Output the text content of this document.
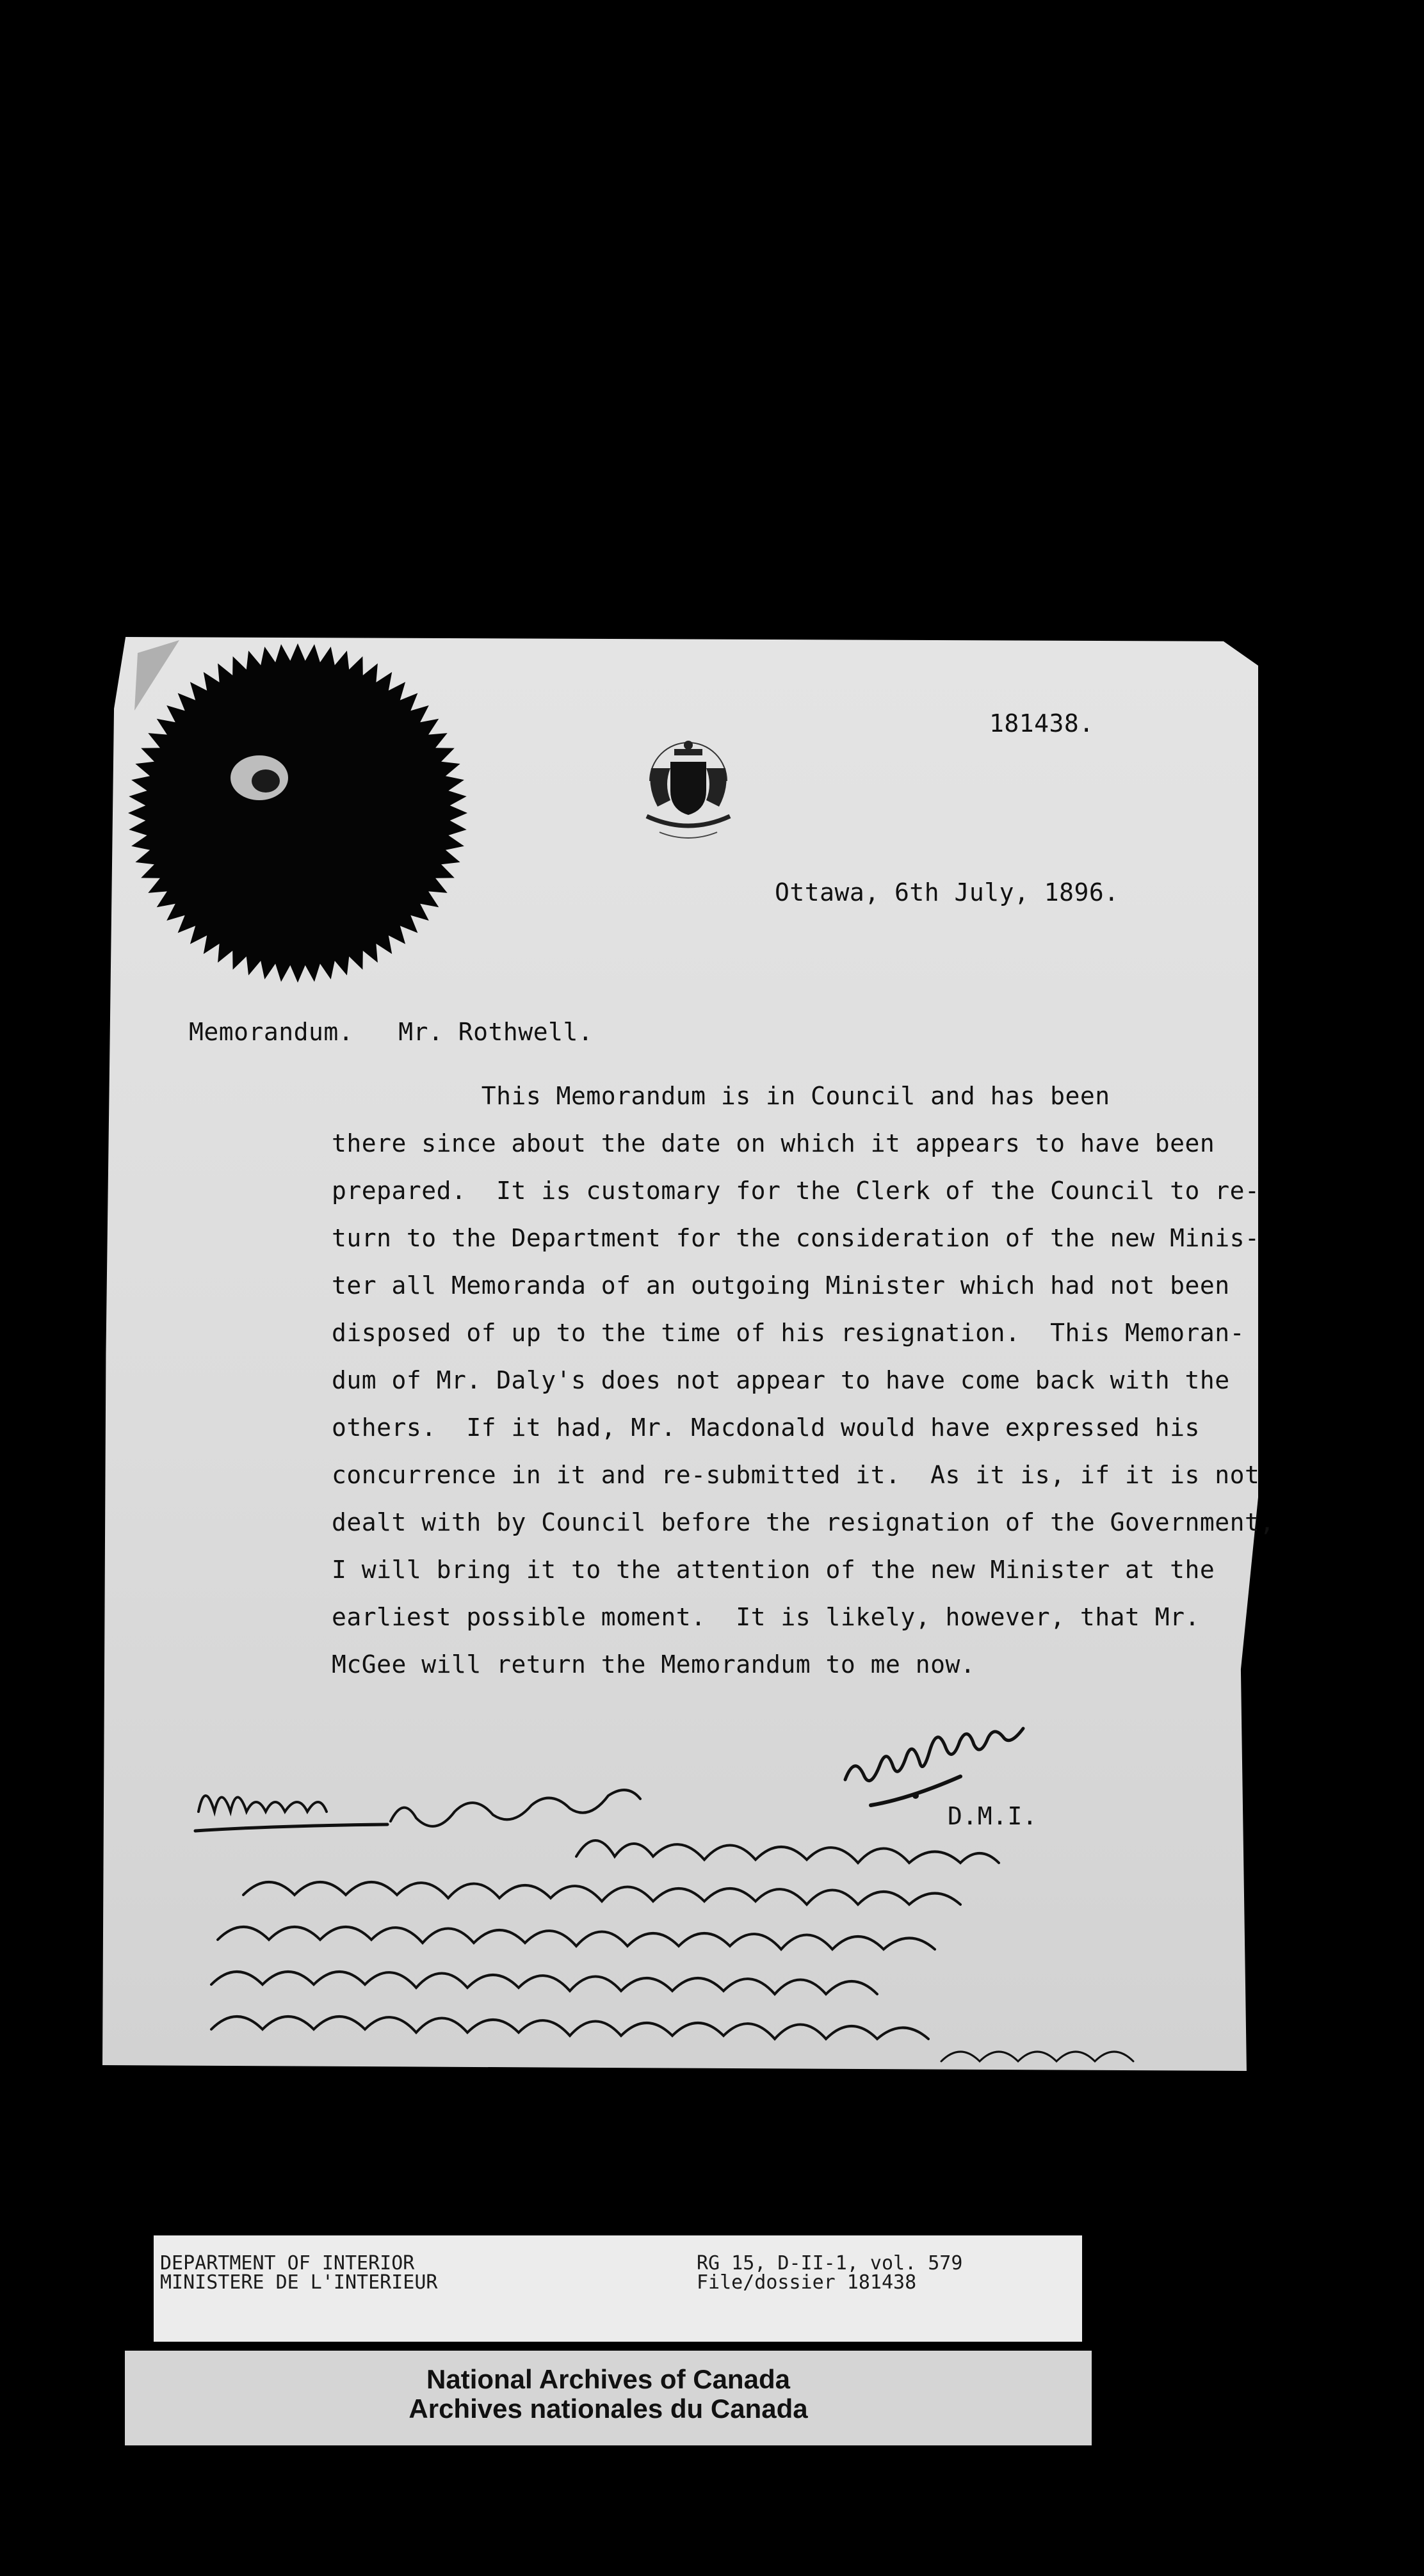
181438.
Ottawa, 6th July, 1896.
Memorandum.   Mr. Rothwell.
This Memorandum is in Council and has been
there since about the date on which it appears to have been
prepared.  It is customary for the Clerk of the Council to re-
turn to the Department for the consideration of the new Minis-
ter all Memoranda of an outgoing Minister which had not been
disposed of up to the time of his resignation.  This Memoran-
dum of Mr. Daly's does not appear to have come back with the
others.  If it had, Mr. Macdonald would have expressed his
concurrence in it and re-submitted it.  As it is, if it is not
dealt with by Council before the resignation of the Government,
I will bring it to the attention of the new Minister at the
earliest possible moment.  It is likely, however, that Mr.
McGee will return the Memorandum to me now.
D.M.I.
DEPARTMENT OF INTERIOR
MINISTERE DE L'INTERIEUR
RG 15, D-II-1, vol. 579
File/dossier 181438
National Archives of Canada
Archives nationales du Canada
